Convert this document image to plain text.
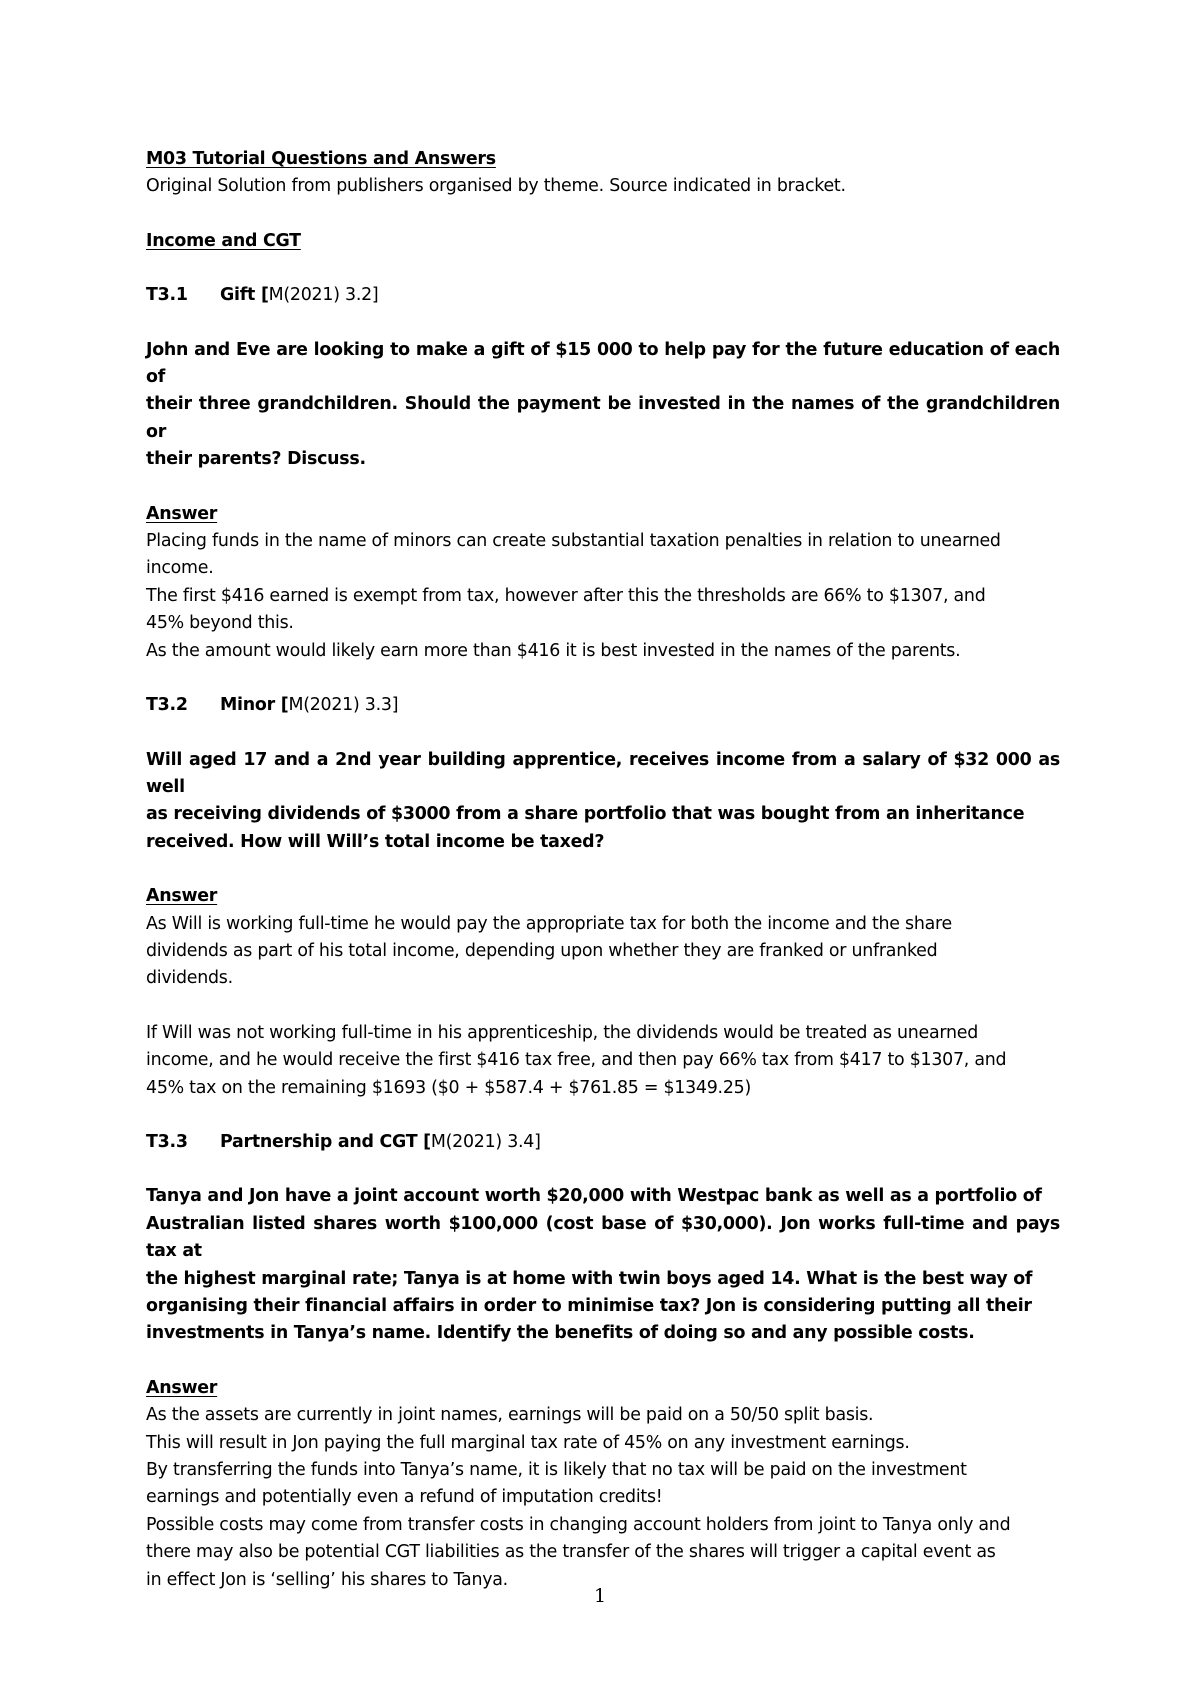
M03 Tutorial Questions and Answers

Original Solution from publishers organised by theme. Source indicated in bracket.

Income and CGT

T3.1	Gift [M(2021) 3.2]

John and Eve are looking to make a gift of $15 000 to help pay for the future education of each of

their three grandchildren. Should the payment be invested in the names of the grandchildren or

their parents? Discuss.

Answer

Placing funds in the name of minors can create substantial taxation penalties in relation to unearned

income.

The first $416 earned is exempt from tax, however after this the thresholds are 66% to $1307, and

45% beyond this.

As the amount would likely earn more than $416 it is best invested in the names of the parents.

T3.2	Minor [M(2021) 3.3]

Will aged 17 and a 2nd year building apprentice, receives income from a salary of $32 000 as well

as receiving dividends of $3000 from a share portfolio that was bought from an inheritance

received. How will Will’s total income be taxed?

Answer

As Will is working full-time he would pay the appropriate tax for both the income and the share

dividends as part of his total income, depending upon whether they are franked or unfranked

dividends.

If Will was not working full-time in his apprenticeship, the dividends would be treated as unearned

income, and he would receive the first $416 tax free, and then pay 66% tax from $417 to $1307, and

45% tax on the remaining $1693 ($0 + $587.4 + $761.85 = $1349.25)

T3.3	Partnership and CGT [M(2021) 3.4]

Tanya and Jon have a joint account worth $20,000 with Westpac bank as well as a portfolio of

Australian listed shares worth $100,000 (cost base of $30,000). Jon works full-time and pays tax at

the highest marginal rate; Tanya is at home with twin boys aged 14. What is the best way of

organising their financial affairs in order to minimise tax? Jon is considering putting all their

investments in Tanya’s name. Identify the benefits of doing so and any possible costs.

Answer

As the assets are currently in joint names, earnings will be paid on a 50/50 split basis.

This will result in Jon paying the full marginal tax rate of 45% on any investment earnings.

By transferring the funds into Tanya’s name, it is likely that no tax will be paid on the investment

earnings and potentially even a refund of imputation credits!

Possible costs may come from transfer costs in changing account holders from joint to Tanya only and

there may also be potential CGT liabilities as the transfer of the shares will trigger a capital event as

in effect Jon is ‘selling’ his shares to Tanya.

1
